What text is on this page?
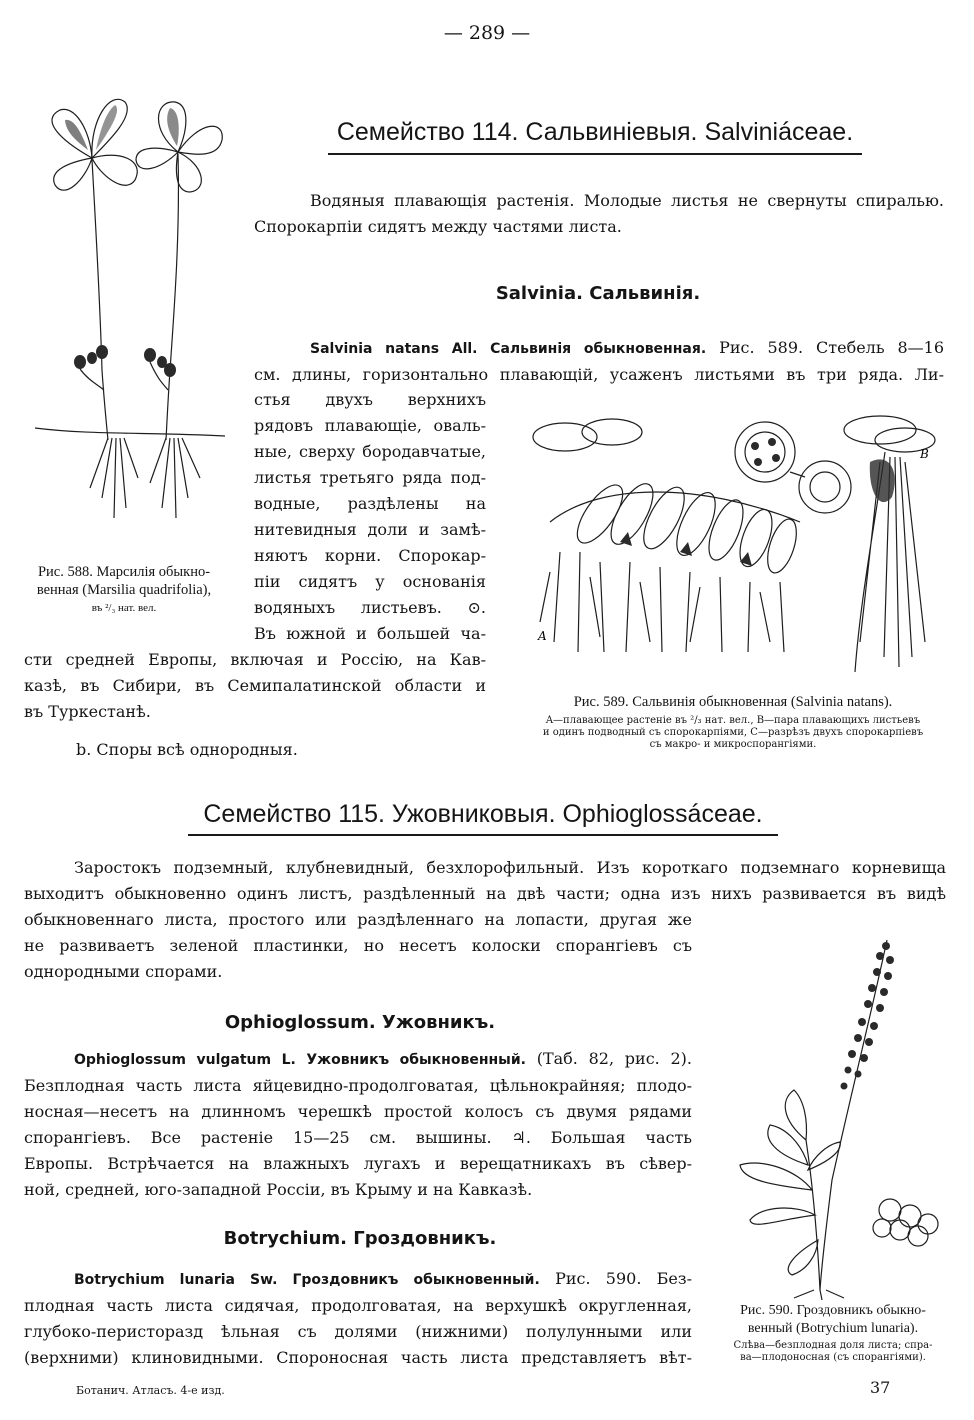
— 289 —
Рис. 588. Марсилія обыкно-
венная (Marsilia quadrifolia),
въ ²/₃ нат. вел.
Семейство 114. Сальвиніевыя. Salviniáceae.
Водяныя плавающія растенія. Молодые листья не свернуты спиралью.
Спорокарпіи сидятъ между частями листа.
Salvinia. Сальвинія.
Salvinia natans All. Сальвинія обыкновенная. Рис. 589. Стебель 8—16
см. длины, горизонтально плавающій, усаженъ листьями въ три ряда. Ли-
стья двухъ верхнихъ
рядовъ плавающіе, оваль-
ные, сверху бородавчатые,
листья третьяго ряда под-
водные, раздѣлены на
нитевидныя доли и замѣ-
няютъ корни. Спорокар-
піи сидятъ у основанія
водяныхъ листьевъ. ⊙.
Въ южной и большей ча-
сти средней Европы, включая и Россію, на Кав-
казѣ, въ Сибири, въ Семипалатинской области и
въ Туркестанѣ.
b. Споры всѣ однородныя.
A
B
Рис. 589. Сальвинія обыкновенная (Salvinia natans).
A—плавающее растеніе въ ²/₃ нат. вел., B—пара плавающихъ листьевъ
и одинъ подводный съ спорокарпіями, C—разрѣзъ двухъ спорокарпіевъ
съ макро- и микроспорангіями.
Семейство 115. Ужовниковыя. Ophioglossáceae.
Заростокъ подземный, клубневидный, безхлорофильный. Изъ короткаго подземнаго корневища
выходитъ обыкновенно одинъ листъ, раздѣленный на двѣ части; одна изъ нихъ развивается въ видѣ
обыкновеннаго листа, простого или раздѣленнаго на лопасти, другая же
не развиваетъ зеленой пластинки, но несетъ колоски спорангіевъ съ
однородными спорами.
Ophioglossum. Ужовникъ.
Ophioglossum vulgatum L. Ужовникъ обыкновенный. (Таб. 82, рис. 2).
Безплодная часть листа яйцевидно-продолговатая, цѣльнокрайняя; плодо-
носная—несетъ на длинномъ черешкѣ простой колосъ съ двумя рядами
спорангіевъ. Все растеніе 15—25 см. вышины. ♃. Большая часть
Европы. Встрѣчается на влажныхъ лугахъ и верещатникахъ въ сѣвер-
ной, средней, юго-западной Россіи, въ Крыму и на Кавказѣ.
Botrychium. Гроздовникъ.
Botrychium lunaria Sw. Гроздовникъ обыкновенный. Рис. 590. Без-
плодная часть листа сидячая, продолговатая, на верхушкѣ округленная,
глубоко-перисторазд ѣльная съ долями (нижними) полулунными или
(верхними) клиновидными. Спороносная часть листа представляетъ вѣт-
Рис. 590. Гроздовникъ обыкно-
венный (Botrychium lunaria).
Слѣва—безплодная доля листа; спра-
ва—плодоносная (съ спорангіями).
Ботанич. Атласъ. 4-е изд.	37
